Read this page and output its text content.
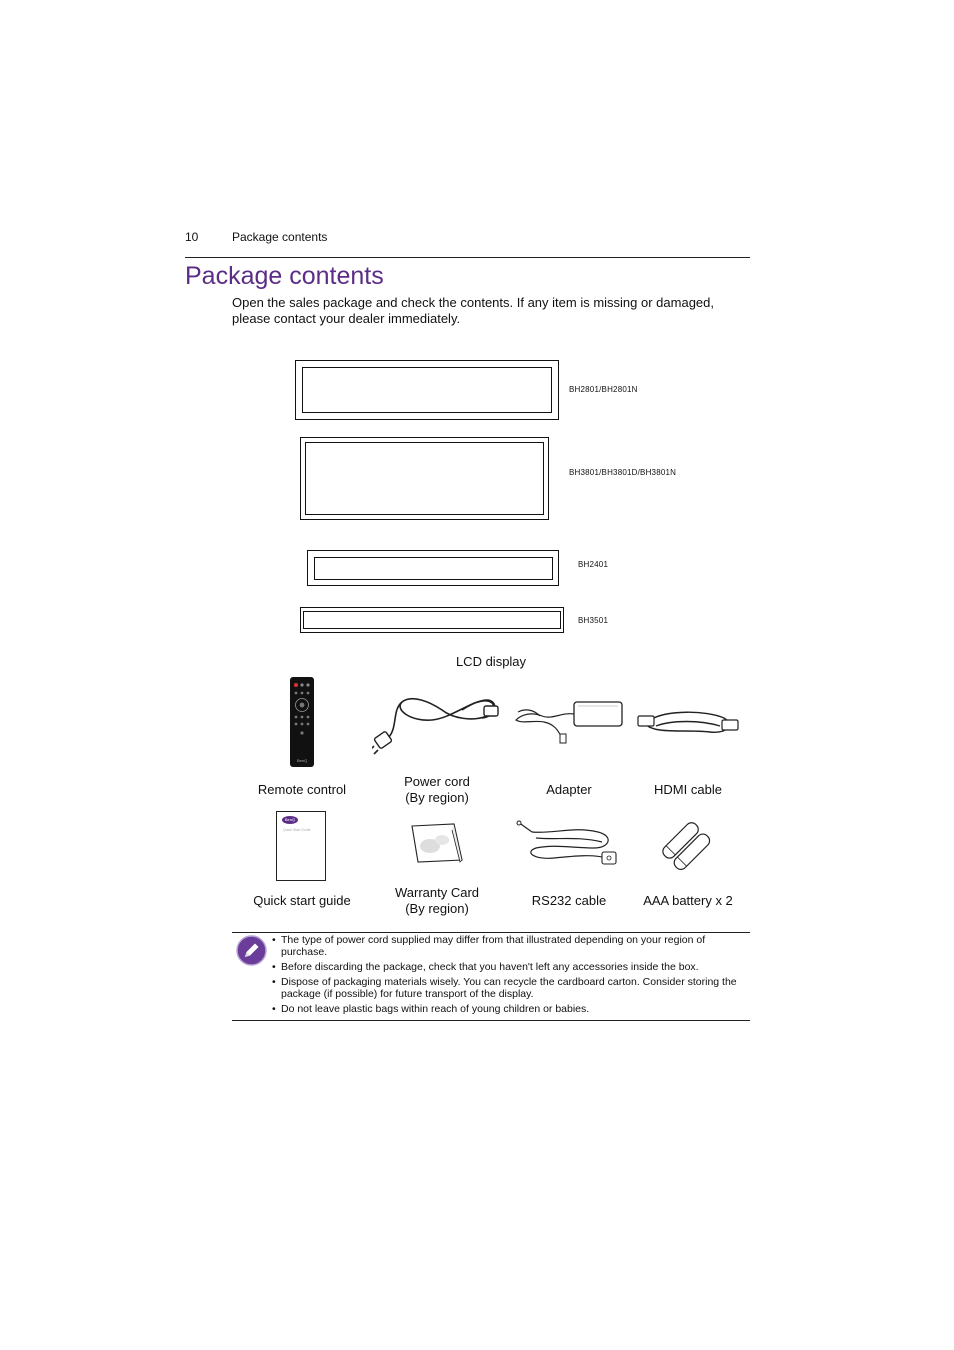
10	Package contents
Package contents
Open the sales package and check the contents. If any item is missing or damaged, please contact your dealer immediately.
BH2801/BH2801N
BH3801/BH3801D/BH3801N
BH2401
BH3501
LCD display
BenQ
Remote control
Power cord
(By region)
Adapter	HDMI cable
BenQ
Quick Start Guide
Quick start guide
Warranty Card
(By region)
RS232 cable	AAA battery x 2
• The type of power cord supplied may differ from that illustrated depending on your region of purchase.
• Before discarding the package, check that you haven't left any accessories inside the box.
• Dispose of packaging materials wisely. You can recycle the cardboard carton. Consider storing the package (if possible) for future transport of the display.
• Do not leave plastic bags within reach of young children or babies.
